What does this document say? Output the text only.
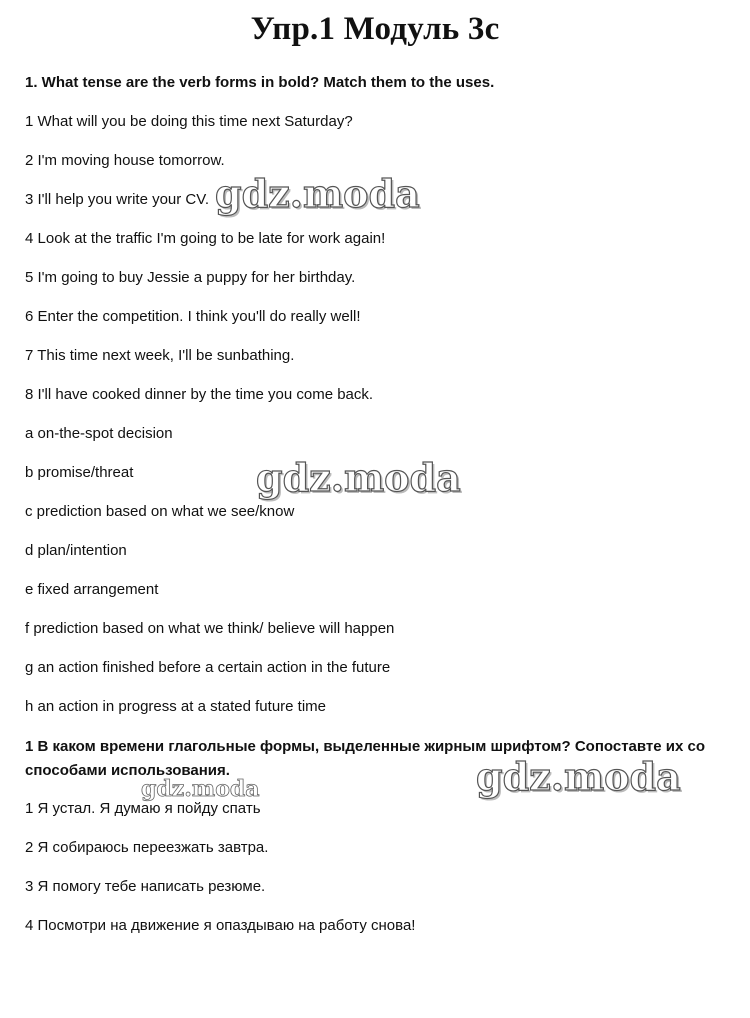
Упр.1 Модуль 3с
1. What tense are the verb forms in bold? Match them to the uses.
1 What will you be doing this time next Saturday?
2 I'm moving house tomorrow.
3 I'll help you write your CV.
4 Look at the traffic I'm going to be late for work again!
5 I'm going to buy Jessie a puppy for her birthday.
6 Enter the competition. I think you'll do really well!
7 This time next week, I'll be sunbathing.
8 I'll have cooked dinner by the time you come back.
a on-the-spot decision
b promise/threat
c prediction based on what we see/know
d plan/intention
e fixed arrangement
f prediction based on what we think/ believe will happen
g an action finished before a certain action in the future
h an action in progress at a stated future time
1 В каком времени глагольные формы, выделенные жирным шрифтом? Сопоставте их со способами использования.
1 Я устал. Я думаю я пойду спать
2 Я собираюсь переезжать завтра.
3 Я помогу тебе написать резюме.
4 Посмотри на движение я опаздываю на работу снова!
gdz.moda
gdz.moda
gdz.moda
gdz.moda
